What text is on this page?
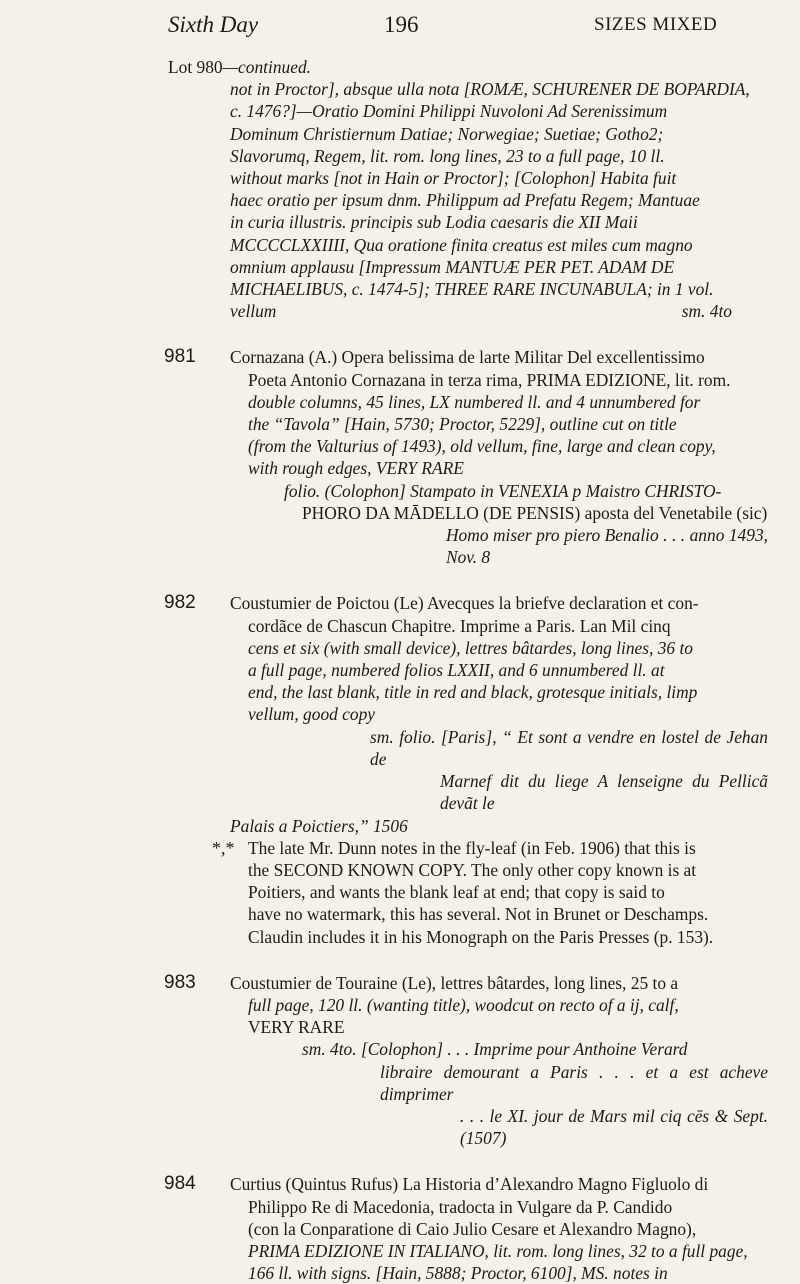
Sixth Day	196	SIZES MIXED

Lot 980—continued.

not in Proctor], absque ulla nota [ROMÆ, SCHURENER DE BOPARDIA,

c. 1476?]—Oratio Domini Philippi Nuvoloni Ad Serenissimum

Dominum Christiernum Datiae; Norwegiae; Suetiae; Gotho2;

Slavorumq, Regem, lit. rom. long lines, 23 to a full page, 10 ll.

without marks [not in Hain or Proctor]; [Colophon] Habita fuit

haec oratio per ipsum dnm. Philippum ad Prefatu Regem; Mantuae

in curia illustris. principis sub Lodia caesaris die XII Maii

MCCCCLXXIIII, Qua oratione finita creatus est miles cum magno

omnium applausu [Impressum MANTUÆ PER PET. ADAM DE

MICHAELIBUS, c. 1474-5]; THREE RARE INCUNABULA; in 1 vol.

vellum	sm. 4to

981 Cornazana (A.) Opera belissima de larte Militar Del excellentissimo

Poeta Antonio Cornazana in terza rima, PRIMA EDIZIONE, lit. rom.

double columns, 45 lines, LX numbered ll. and 4 unnumbered for

the “Tavola” [Hain, 5730; Proctor, 5229], outline cut on title

(from the Valturius of 1493), old vellum, fine, large and clean copy,

with rough edges, VERY RARE

folio. (Colophon] Stampato in VENEXIA p Maistro CHRISTO-

PHORO DA MĀDELLO (DE PENSIS) aposta del Venetabile (sic)

Homo miser pro piero Benalio . . . anno 1493, Nov. 8

982 Coustumier de Poictou (Le) Avecques la briefve declaration et con-

cordãce de Chascun Chapitre. Imprime a Paris. Lan Mil cinq

cens et six (with small device), lettres bâtardes, long lines, 36 to

a full page, numbered folios LXXII, and 6 unnumbered ll. at

end, the last blank, title in red and black, grotesque initials, limp

vellum, good copy

sm. folio. [Paris], “ Et sont a vendre en lostel de Jehan de

Marnef dit du liege A lenseigne du Pellicã devãt le

Palais a Poictiers,” 1506

*,* The late Mr. Dunn notes in the fly-leaf (in Feb. 1906) that this is

the SECOND KNOWN COPY. The only other copy known is at

Poitiers, and wants the blank leaf at end; that copy is said to

have no watermark, this has several. Not in Brunet or Deschamps.

Claudin includes it in his Monograph on the Paris Presses (p. 153).

983 Coustumier de Touraine (Le), lettres bâtardes, long lines, 25 to a

full page, 120 ll. (wanting title), woodcut on recto of a ij, calf,

VERY RARE

sm. 4to. [Colophon] . . . Imprime pour Anthoine Verard

libraire demourant a Paris . . . et a est acheve dimprimer

. . . le XI. jour de Mars mil ciq cēs & Sept. (1507)

984 Curtius (Quintus Rufus) La Historia d’Alexandro Magno Figluolo di

Philippo Re di Macedonia, tradocta in Vulgare da P. Candido

(con la Conparatione di Caio Julio Cesare et Alexandro Magno),

PRIMA EDIZIONE IN ITALIANO, lit. rom. long lines, 32 to a full page,

166 ll. with signs. [Hain, 5888; Proctor, 6100], MS. notes in
